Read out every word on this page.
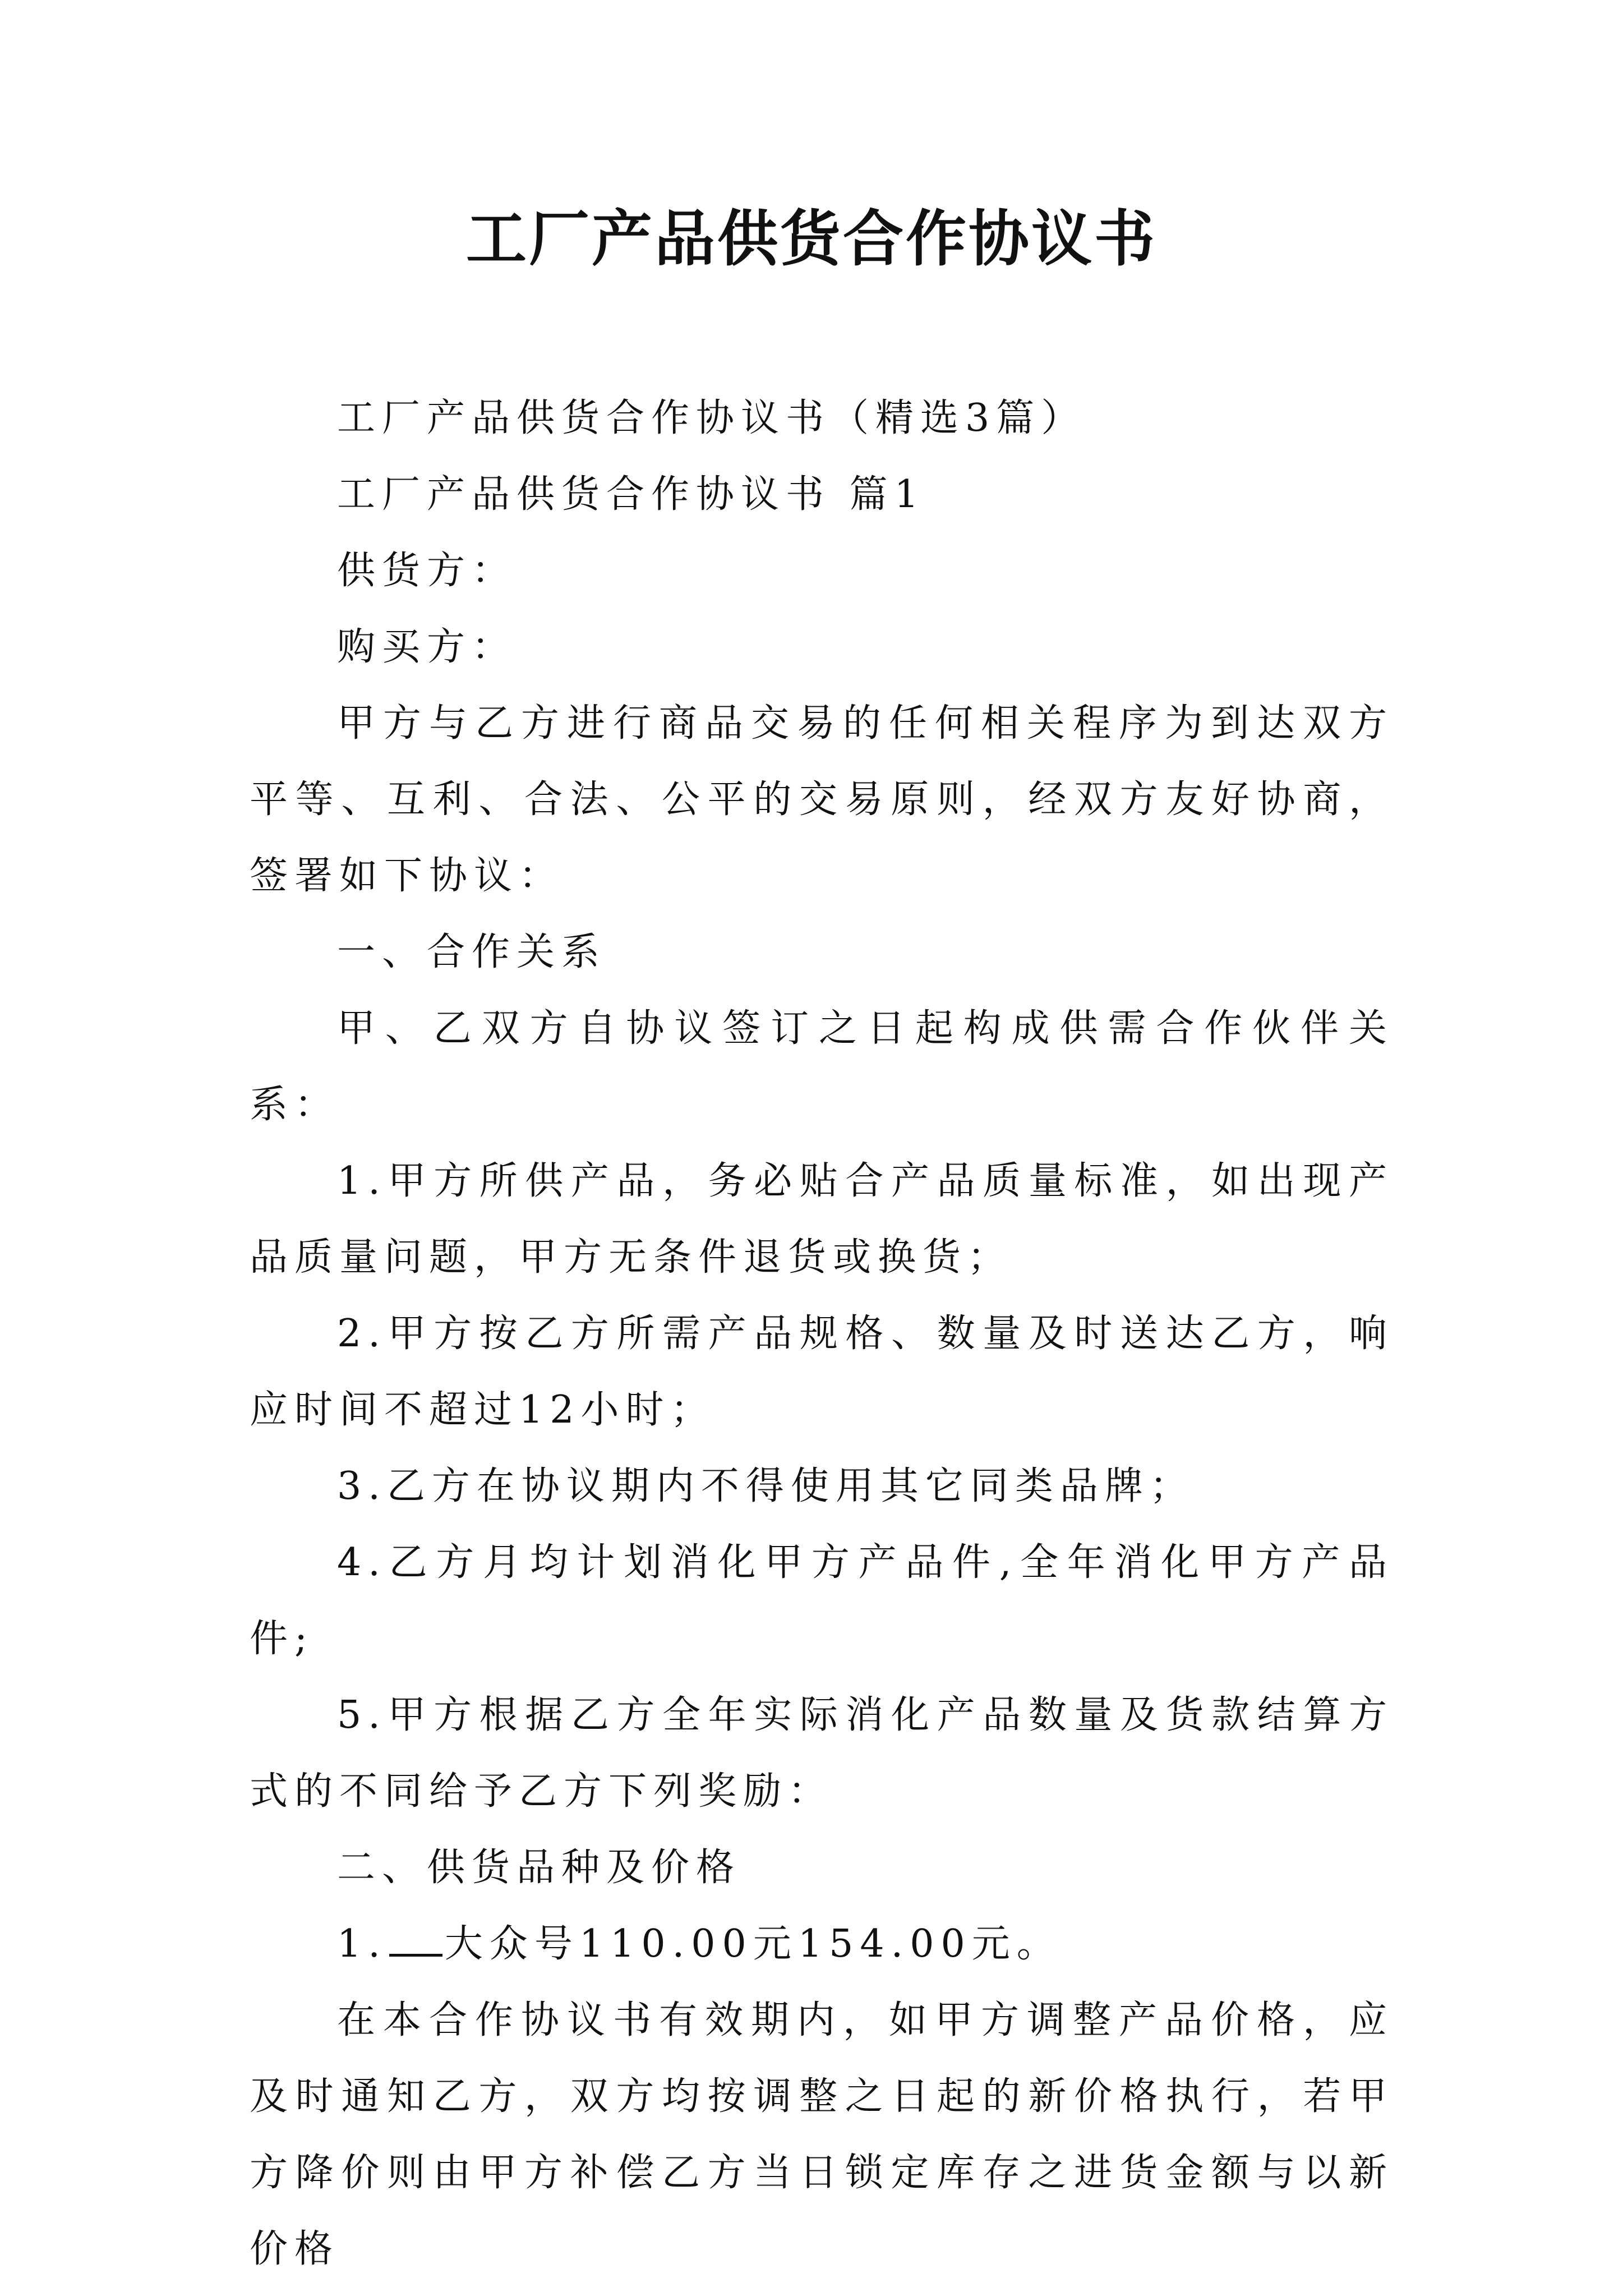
工厂产品供货合作协议书

工厂产品供货合作协议书（精选3篇）

工厂产品供货合作协议书 篇1

供货方：

购买方：

甲方与乙方进行商品交易的任何相关程序为到达双方平等、互利、合法、公平的交易原则，经双方友好协商，签署如下协议：

一、合作关系

甲、乙双方自协议签订之日起构成供需合作伙伴关系：

1.甲方所供产品，务必贴合产品质量标准，如出现产品质量问题，甲方无条件退货或换货；

2.甲方按乙方所需产品规格、数量及时送达乙方，响应时间不超过12小时；

3.乙方在协议期内不得使用其它同类品牌；

4.乙方月均计划消化甲方产品件,全年消化甲方产品件;

5.甲方根据乙方全年实际消化产品数量及货款结算方式的不同给予乙方下列奖励：

二、供货品种及价格

1. 大众号110.00元154.00元。

在本合作协议书有效期内，如甲方调整产品价格，应及时通知乙方，双方均按调整之日起的新价格执行，若甲方降价则由甲方补偿乙方当日锁定库存之进货金额与以新价格
